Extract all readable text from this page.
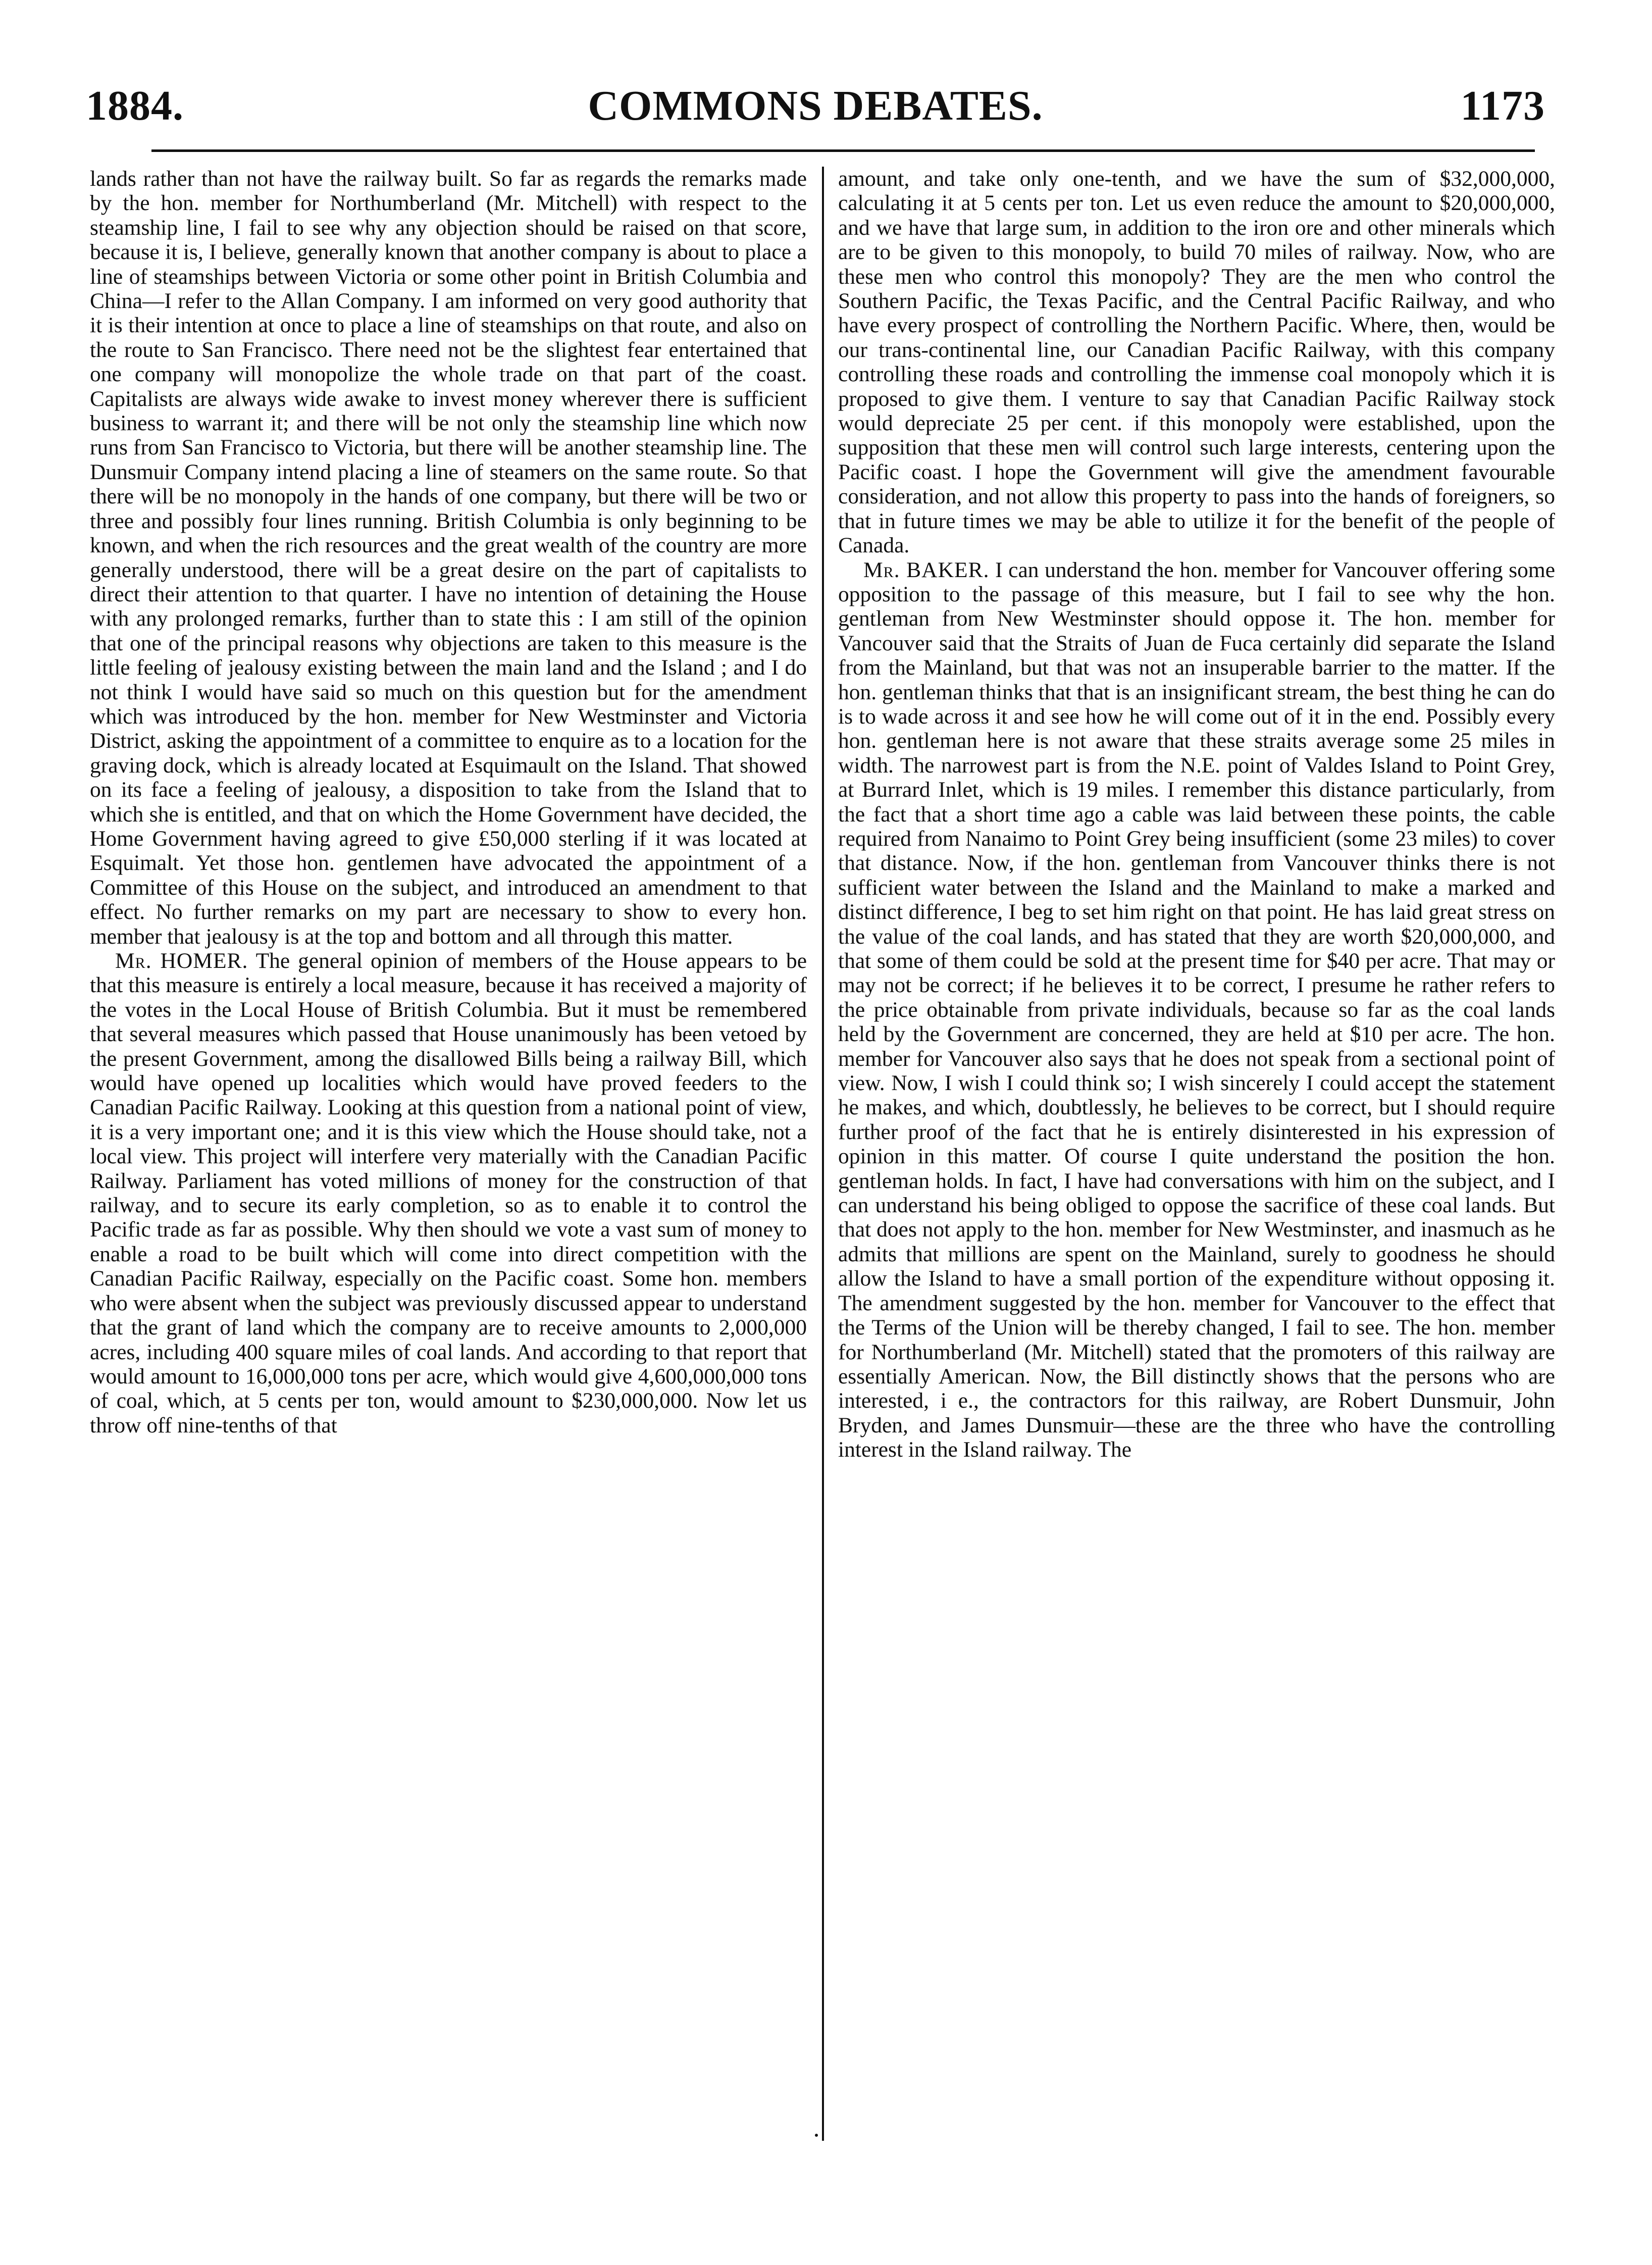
1884.	COMMONS DEBATES.	1173

lands rather than not have the railway built. So far as regards the remarks made by the hon. member for Northumberland (Mr. Mitchell) with respect to the steamship line, I fail to see why any objection should be raised on that score, because it is, I believe, generally known that another company is about to place a line of steamships between Victoria or some other point in British Columbia and China—I refer to the Allan Company. I am informed on very good authority that it is their intention at once to place a line of steamships on that route, and also on the route to San Francisco. There need not be the slightest fear entertained that one company will monopolize the whole trade on that part of the coast. Capitalists are always wide awake to invest money wherever there is sufficient business to warrant it; and there will be not only the steamship line which now runs from San Francisco to Victoria, but there will be another steamship line. The Dunsmuir Company intend placing a line of steamers on the same route. So that there will be no monopoly in the hands of one company, but there will be two or three and possibly four lines running. British Columbia is only beginning to be known, and when the rich resources and the great wealth of the country are more generally understood, there will be a great desire on the part of capitalists to direct their attention to that quarter. I have no intention of detaining the House with any prolonged remarks, further than to state this : I am still of the opinion that one of the principal reasons why objections are taken to this measure is the little feeling of jealousy existing between the main land and the Island ; and I do not think I would have said so much on this question but for the amendment which was introduced by the hon. member for New Westminster and Victoria District, asking the appointment of a committee to enquire as to a location for the graving dock, which is already located at Esquimault on the Island. That showed on its face a feeling of jealousy, a disposition to take from the Island that to which she is entitled, and that on which the Home Government have decided, the Home Government having agreed to give £50,000 sterling if it was located at Esquimalt. Yet those hon. gentlemen have advocated the appointment of a Committee of this House on the subject, and introduced an amendment to that effect. No further remarks on my part are necessary to show to every hon. member that jealousy is at the top and bottom and all through this matter.

Mr. HOMER. The general opinion of members of the House appears to be that this measure is entirely a local measure, because it has received a majority of the votes in the Local House of British Columbia. But it must be remembered that several measures which passed that House unanimously has been vetoed by the present Government, among the disallowed Bills being a railway Bill, which would have opened up localities which would have proved feeders to the Canadian Pacific Railway. Looking at this question from a national point of view, it is a very important one; and it is this view which the House should take, not a local view. This project will interfere very materially with the Canadian Pacific Railway. Parliament has voted millions of money for the construction of that railway, and to secure its early completion, so as to enable it to control the Pacific trade as far as possible. Why then should we vote a vast sum of money to enable a road to be built which will come into direct competition with the Canadian Pacific Railway, especially on the Pacific coast. Some hon. members who were absent when the subject was previously discussed appear to understand that the grant of land which the company are to receive amounts to 2,000,000 acres, including 400 square miles of coal lands. And according to that report that would amount to 16,000,000 tons per acre, which would give 4,600,000,000 tons of coal, which, at 5 cents per ton, would amount to $230,000,000. Now let us throw off nine-tenths of that

amount, and take only one-tenth, and we have the sum of $32,000,000, calculating it at 5 cents per ton. Let us even reduce the amount to $20,000,000, and we have that large sum, in addition to the iron ore and other minerals which are to be given to this monopoly, to build 70 miles of railway. Now, who are these men who control this monopoly? They are the men who control the Southern Pacific, the Texas Pacific, and the Central Pacific Railway, and who have every prospect of controlling the Northern Pacific. Where, then, would be our trans-continental line, our Canadian Pacific Railway, with this company controlling these roads and controlling the immense coal monopoly which it is proposed to give them. I venture to say that Canadian Pacific Railway stock would depreciate 25 per cent. if this monopoly were established, upon the supposition that these men will control such large interests, centering upon the Pacific coast. I hope the Government will give the amendment favourable consideration, and not allow this property to pass into the hands of foreigners, so that in future times we may be able to utilize it for the benefit of the people of Canada.

Mr. BAKER. I can understand the hon. member for Vancouver offering some opposition to the passage of this measure, but I fail to see why the hon. gentleman from New Westminster should oppose it. The hon. member for Vancouver said that the Straits of Juan de Fuca certainly did separate the Island from the Mainland, but that was not an insuperable barrier to the matter. If the hon. gentleman thinks that that is an insignificant stream, the best thing he can do is to wade across it and see how he will come out of it in the end. Possibly every hon. gentleman here is not aware that these straits average some 25 miles in width. The narrowest part is from the N.E. point of Valdes Island to Point Grey, at Burrard Inlet, which is 19 miles. I remember this distance particularly, from the fact that a short time ago a cable was laid between these points, the cable required from Nanaimo to Point Grey being insufficient (some 23 miles) to cover that distance. Now, if the hon. gentleman from Vancouver thinks there is not sufficient water between the Island and the Mainland to make a marked and distinct difference, I beg to set him right on that point. He has laid great stress on the value of the coal lands, and has stated that they are worth $20,000,000, and that some of them could be sold at the present time for $40 per acre. That may or may not be correct; if he believes it to be correct, I presume he rather refers to the price obtainable from private individuals, because so far as the coal lands held by the Government are concerned, they are held at $10 per acre. The hon. member for Vancouver also says that he does not speak from a sectional point of view. Now, I wish I could think so; I wish sincerely I could accept the statement he makes, and which, doubtlessly, he believes to be correct, but I should require further proof of the fact that he is entirely disinterested in his expression of opinion in this matter. Of course I quite understand the position the hon. gentleman holds. In fact, I have had conversations with him on the subject, and I can understand his being obliged to oppose the sacrifice of these coal lands. But that does not apply to the hon. member for New Westminster, and inasmuch as he admits that millions are spent on the Mainland, surely to goodness he should allow the Island to have a small portion of the expenditure without opposing it. The amendment suggested by the hon. member for Vancouver to the effect that the Terms of the Union will be thereby changed, I fail to see. The hon. member for Northumberland (Mr. Mitchell) stated that the promoters of this railway are essentially American. Now, the Bill distinctly shows that the persons who are interested, i e., the contractors for this railway, are Robert Dunsmuir, John Bryden, and James Dunsmuir—these are the three who have the controlling interest in the Island railway. The
